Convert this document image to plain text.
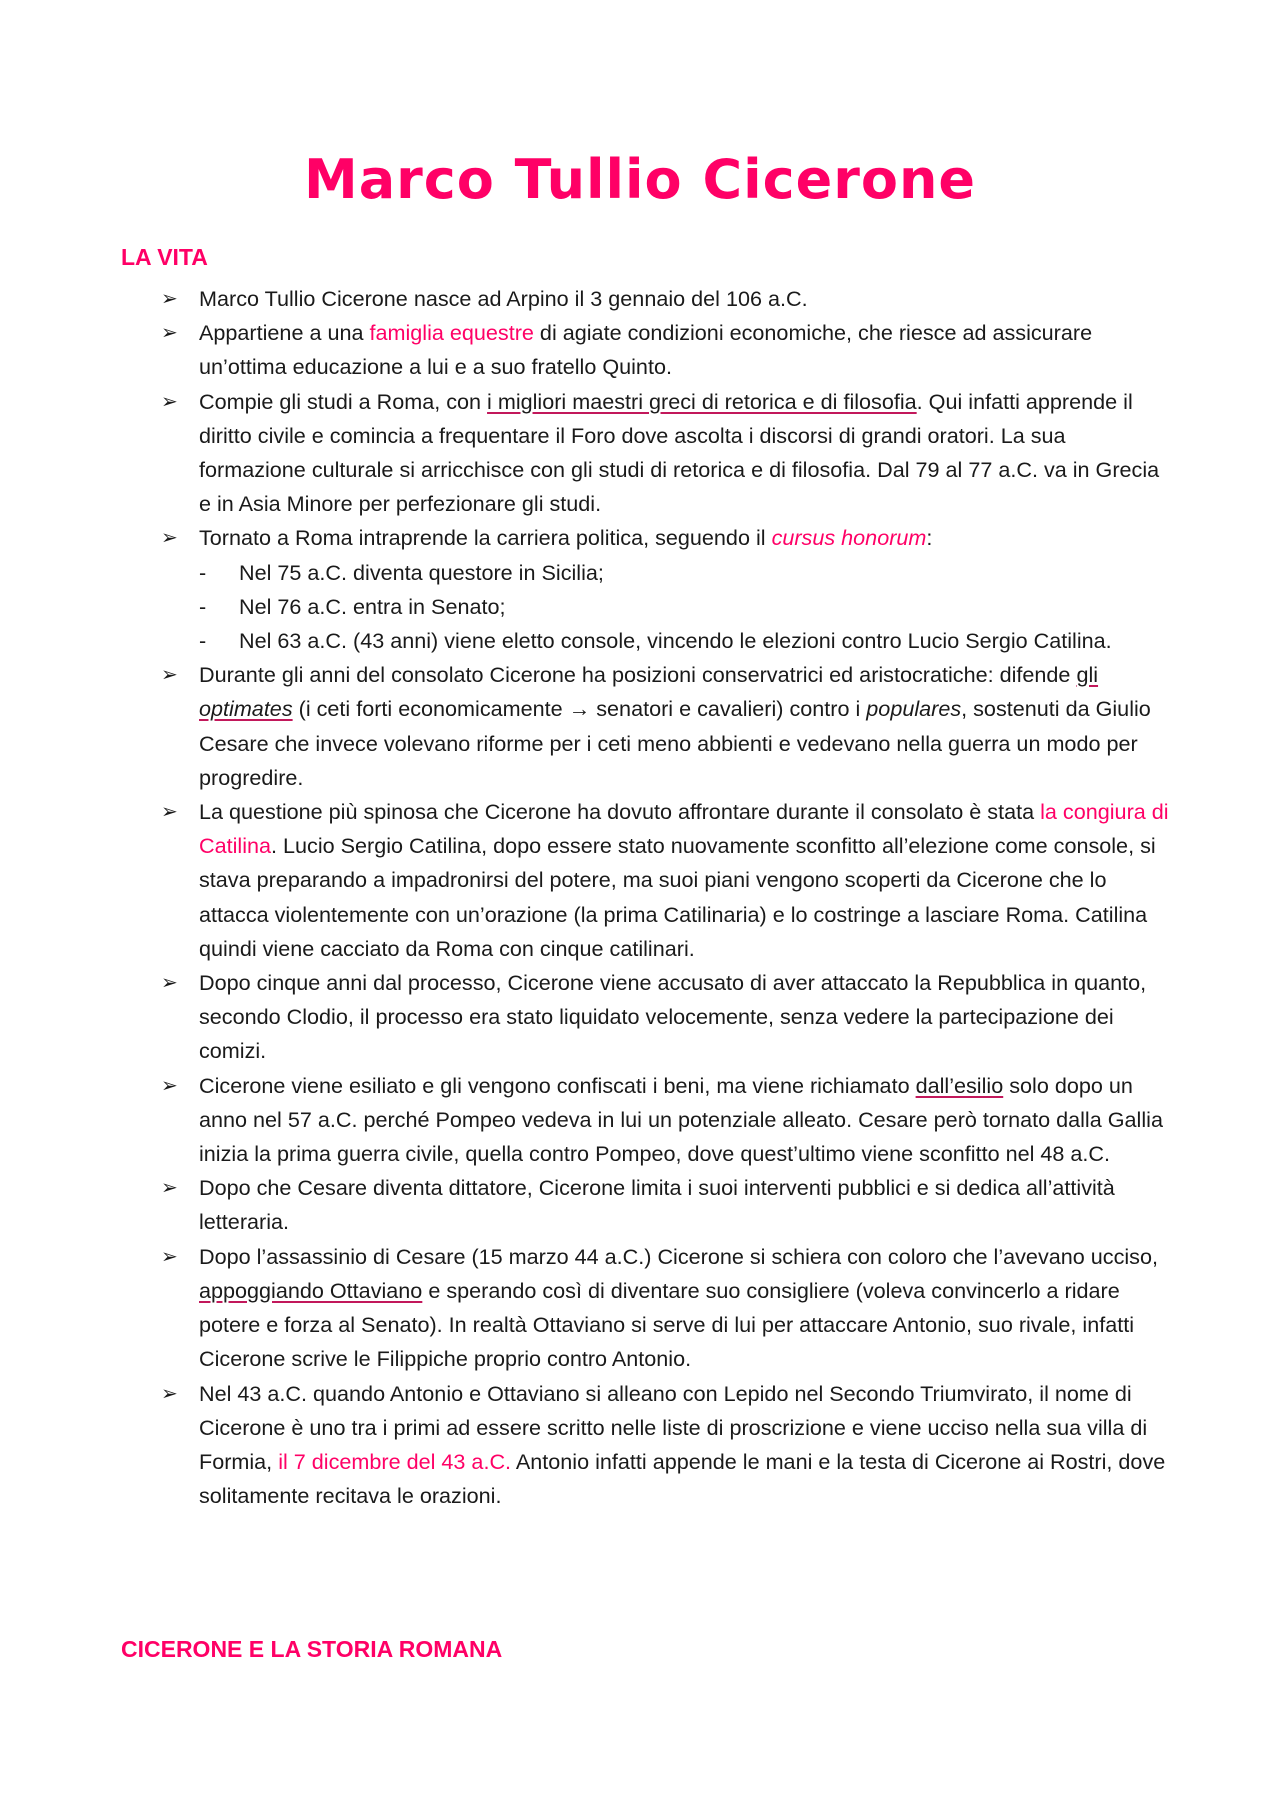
Marco Tullio Cicerone
LA VITA
➢ Marco Tullio Cicerone nasce ad Arpino il 3 gennaio del 106 a.C.
➢ Appartiene a una famiglia equestre di agiate condizioni economiche, che riesce ad assicurare un’ottima educazione a lui e a suo fratello Quinto.
➢ Compie gli studi a Roma, con i migliori maestri greci di retorica e di filosofia. Qui infatti apprende il diritto civile e comincia a frequentare il Foro dove ascolta i discorsi di grandi oratori. La sua formazione culturale si arricchisce con gli studi di retorica e di filosofia. Dal 79 al 77 a.C. va in Grecia e in Asia Minore per perfezionare gli studi.
➢ Tornato a Roma intraprende la carriera politica, seguendo il cursus honorum:
- Nel 75 a.C. diventa questore in Sicilia;
- Nel 76 a.C. entra in Senato;
- Nel 63 a.C. (43 anni) viene eletto console, vincendo le elezioni contro Lucio Sergio Catilina.
➢ Durante gli anni del consolato Cicerone ha posizioni conservatrici ed aristocratiche: difende gli optimates (i ceti forti economicamente → senatori e cavalieri) contro i populares, sostenuti da Giulio Cesare che invece volevano riforme per i ceti meno abbienti e vedevano nella guerra un modo per progredire.
➢ La questione più spinosa che Cicerone ha dovuto affrontare durante il consolato è stata la congiura di Catilina. Lucio Sergio Catilina, dopo essere stato nuovamente sconfitto all’elezione come console, si stava preparando a impadronirsi del potere, ma suoi piani vengono scoperti da Cicerone che lo attacca violentemente con un’orazione (la prima Catilinaria) e lo costringe a lasciare Roma. Catilina quindi viene cacciato da Roma con cinque catilinari.
➢ Dopo cinque anni dal processo, Cicerone viene accusato di aver attaccato la Repubblica in quanto, secondo Clodio, il processo era stato liquidato velocemente, senza vedere la partecipazione dei comizi.
➢ Cicerone viene esiliato e gli vengono confiscati i beni, ma viene richiamato dall’esilio solo dopo un anno nel 57 a.C. perché Pompeo vedeva in lui un potenziale alleato. Cesare però tornato dalla Gallia inizia la prima guerra civile, quella contro Pompeo, dove quest’ultimo viene sconfitto nel 48 a.C.
➢ Dopo che Cesare diventa dittatore, Cicerone limita i suoi interventi pubblici e si dedica all’attività letteraria.
➢ Dopo l’assassinio di Cesare (15 marzo 44 a.C.) Cicerone si schiera con coloro che l’avevano ucciso, appoggiando Ottaviano e sperando così di diventare suo consigliere (voleva convincerlo a ridare potere e forza al Senato). In realtà Ottaviano si serve di lui per attaccare Antonio, suo rivale, infatti Cicerone scrive le Filippiche proprio contro Antonio.
➢ Nel 43 a.C. quando Antonio e Ottaviano si alleano con Lepido nel Secondo Triumvirato, il nome di Cicerone è uno tra i primi ad essere scritto nelle liste di proscrizione e viene ucciso nella sua villa di Formia, il 7 dicembre del 43 a.C. Antonio infatti appende le mani e la testa di Cicerone ai Rostri, dove solitamente recitava le orazioni.
CICERONE E LA STORIA ROMANA
